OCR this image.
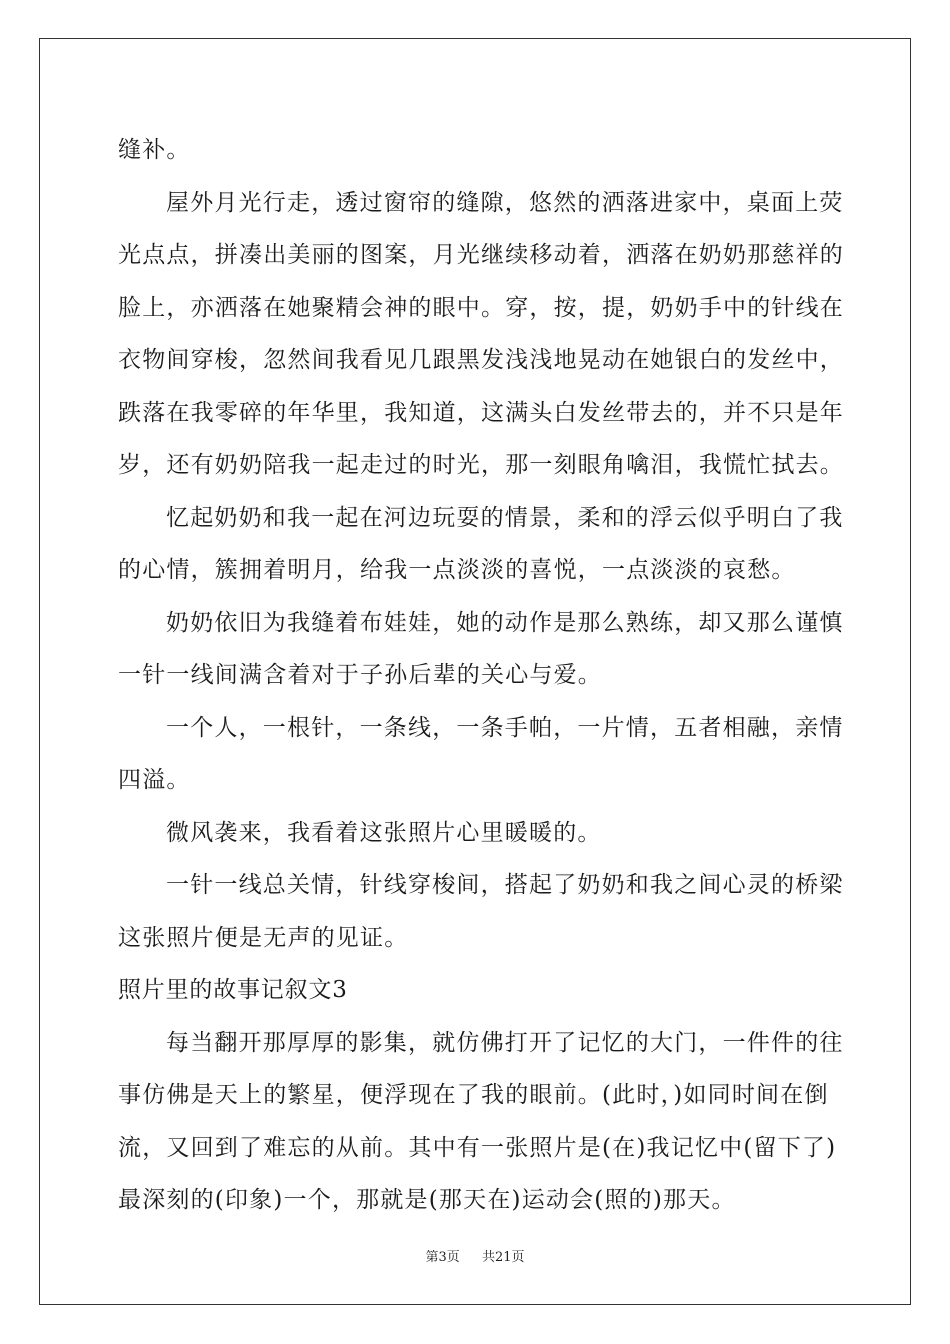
缝补。
屋外月光行走，透过窗帘的缝隙，悠然的洒落进家中，桌面上荧
光点点，拼凑出美丽的图案，月光继续移动着，洒落在奶奶那慈祥的
脸上，亦洒落在她聚精会神的眼中。穿，按，提，奶奶手中的针线在
衣物间穿梭，忽然间我看见几跟黑发浅浅地晃动在她银白的发丝中，
跌落在我零碎的年华里，我知道，这满头白发丝带去的，并不只是年
岁，还有奶奶陪我一起走过的时光，那一刻眼角噙泪，我慌忙拭去。
忆起奶奶和我一起在河边玩耍的情景，柔和的浮云似乎明白了我
的心情，簇拥着明月，给我一点淡淡的喜悦，一点淡淡的哀愁。
奶奶依旧为我缝着布娃娃，她的动作是那么熟练，却又那么谨慎
一针一线间满含着对于子孙后辈的关心与爱。
一个人，一根针，一条线，一条手帕，一片情，五者相融，亲情
四溢。
微风袭来，我看着这张照片心里暖暖的。
一针一线总关情，针线穿梭间，搭起了奶奶和我之间心灵的桥梁
这张照片便是无声的见证。
照片里的故事记叙文3
每当翻开那厚厚的影集，就仿佛打开了记忆的大门，一件件的往
事仿佛是天上的繁星，便浮现在了我的眼前。(此时，)如同时间在倒
流，又回到了难忘的从前。其中有一张照片是(在)我记忆中(留下了)
最深刻的(印象)一个，那就是(那天在)运动会(照的)那天。
第3页 共21页
